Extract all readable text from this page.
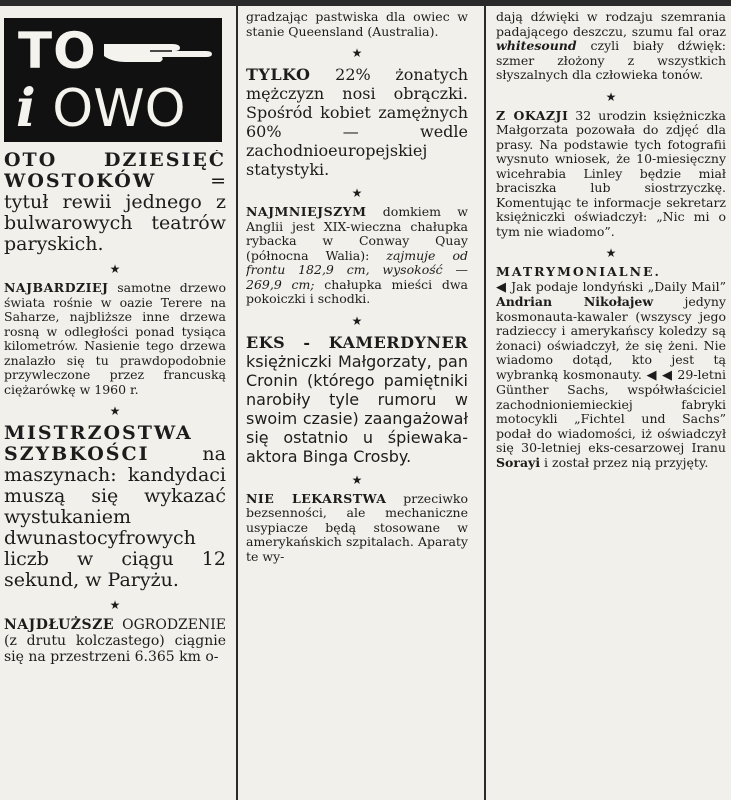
TO
i OWO

OTO DZIESIĘĆ WOSTOKÓW = tytuł rewii jednego z bulwarowych teatrów paryskich.

★

NAJBARDZIEJ samotne drzewo świata rośnie w oazie Terere na Saharze, najbliższe inne drzewa rosną w odległości ponad tysiąca kilometrów. Nasienie tego drzewa znalazło się tu prawdopodobnie przywleczone przez francuską ciężarówkę w 1960 r.

★

MISTRZOSTWA SZYBKOŚCI na maszynach: kandydaci muszą się wykazać wystukaniem dwunastocyfrowych liczb w ciągu 12 sekund, w Paryżu.

★

NAJDŁUŻSZE OGRODZENIE (z drutu kolczastego) ciągnie się na przestrzeni 6.365 km o-

gradzając pastwiska dla owiec w stanie Queensland (Australia).

★

TYLKO 22% żonatych mężczyzn nosi obrączki. Spośród kobiet zamężnych 60% — wedle zachodnioeuropejskiej statystyki.

★

NAJMNIEJSZYM domkiem w Anglii jest XIX-wieczna chałupka rybacka w Conway Quay (północna Walia): zajmuje od frontu 182,9 cm, wysokość — 269,9 cm; chałupka mieści dwa pokoiczki i schodki.

★

EKS - KAMERDYNER księżniczki Małgorzaty, pan Cronin (którego pamiętniki narobiły tyle rumoru w swoim czasie) zaangażował się ostatnio u śpiewaka-aktora Binga Crosby.

★

NIE LEKARSTWA przeciwko bezsenności, ale mechaniczne usypiacze będą stosowane w amerykańskich szpitalach. Aparaty te wy-

dają dźwięki w rodzaju szemrania padającego deszczu, szumu fal oraz whitesound czyli biały dźwięk: szmer złożony z wszystkich słyszalnych dla człowieka tonów.

★

Z OKAZJI 32 urodzin księżniczka Małgorzata pozowała do zdjęć dla prasy. Na podstawie tych fotografii wysnuto wniosek, że 10-miesięczny wicehrabia Linley będzie miał braciszka lub siostrzyczkę. Komentując te informacje sekretarz księżniczki oświadczył: „Nic mi o tym nie wiadomo”.

★

MATRYMONIALNE.
◀ Jak podaje londyński „Daily Mail” Andrian Nikołajew jedyny kosmonauta-kawaler (wszyscy jego radzieccy i amerykańscy koledzy są żonaci) oświadczył, że się żeni. Nie wiadomo dotąd, kto jest tą wybranką kosmonauty. ◀ ◀ 29-letni Günther Sachs, współwłaściciel zachodnioniemieckiej fabryki motocykli „Fichtel und Sachs” podał do wiadomości, iż oświadczył się 30-letniej eks-cesarzowej Iranu Sorayi i został przez nią przyjęty.
